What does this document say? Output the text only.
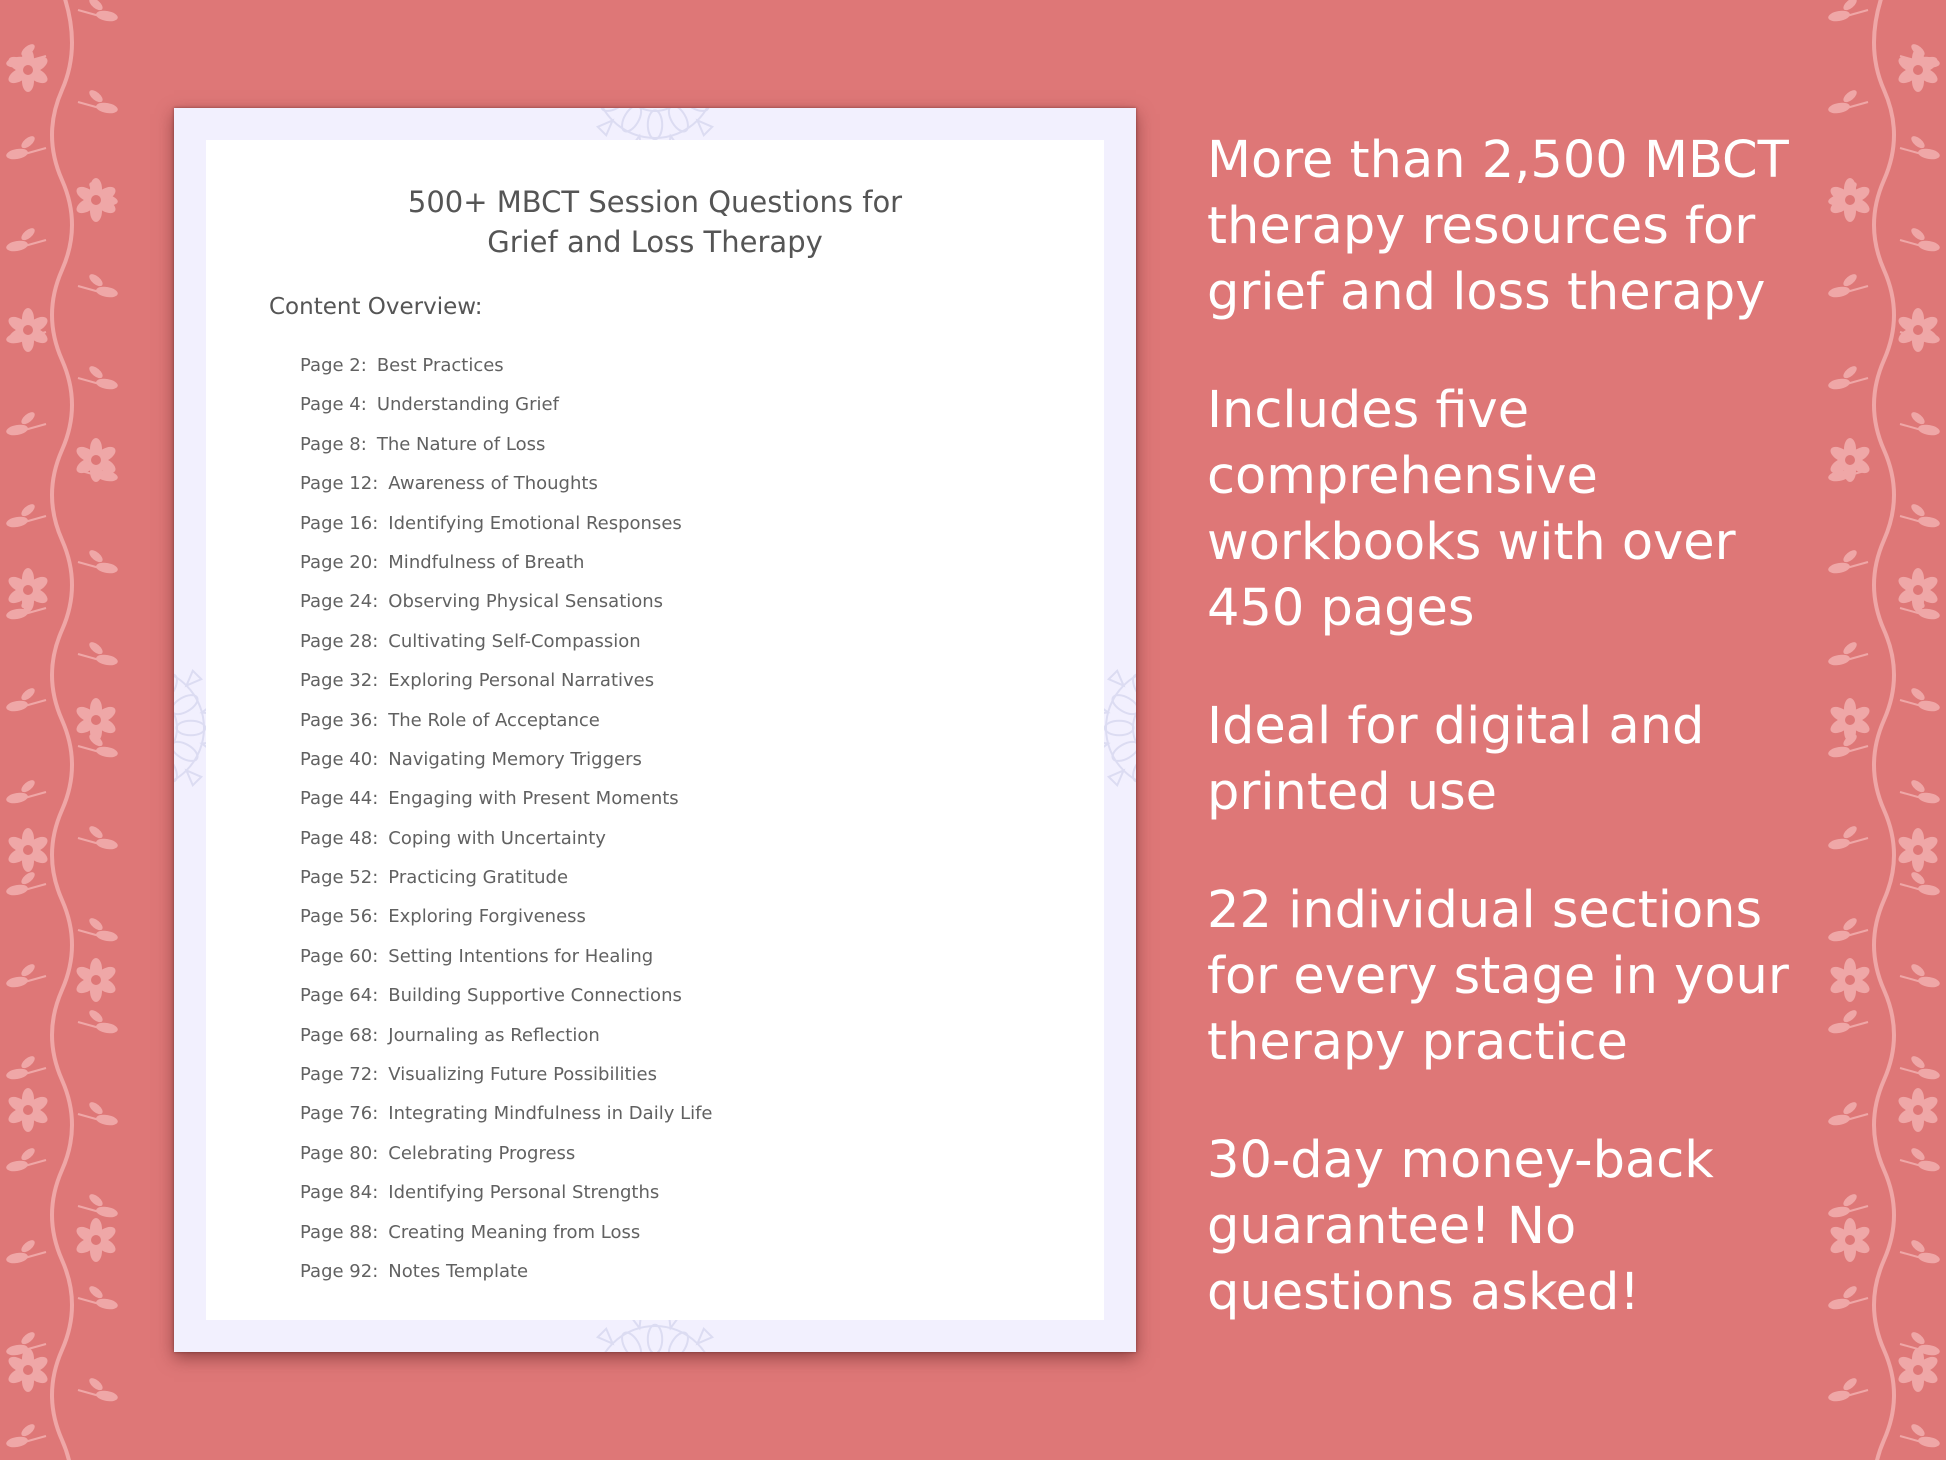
500+ MBCT Session Questions for
Grief and Loss Therapy
Content Overview:
Page 2: Best Practices
Page 4: Understanding Grief
Page 8: The Nature of Loss
Page 12: Awareness of Thoughts
Page 16: Identifying Emotional Responses
Page 20: Mindfulness of Breath
Page 24: Observing Physical Sensations
Page 28: Cultivating Self-Compassion
Page 32: Exploring Personal Narratives
Page 36: The Role of Acceptance
Page 40: Navigating Memory Triggers
Page 44: Engaging with Present Moments
Page 48: Coping with Uncertainty
Page 52: Practicing Gratitude
Page 56: Exploring Forgiveness
Page 60: Setting Intentions for Healing
Page 64: Building Supportive Connections
Page 68: Journaling as Reflection
Page 72: Visualizing Future Possibilities
Page 76: Integrating Mindfulness in Daily Life
Page 80: Celebrating Progress
Page 84: Identifying Personal Strengths
Page 88: Creating Meaning from Loss
Page 92: Notes Template
More than 2,500 MBCT
therapy resources for
grief and loss therapy
Includes five
comprehensive
workbooks with over
450 pages
Ideal for digital and
printed use
22 individual sections
for every stage in your
therapy practice
30-day money-back
guarantee! No
questions asked!
